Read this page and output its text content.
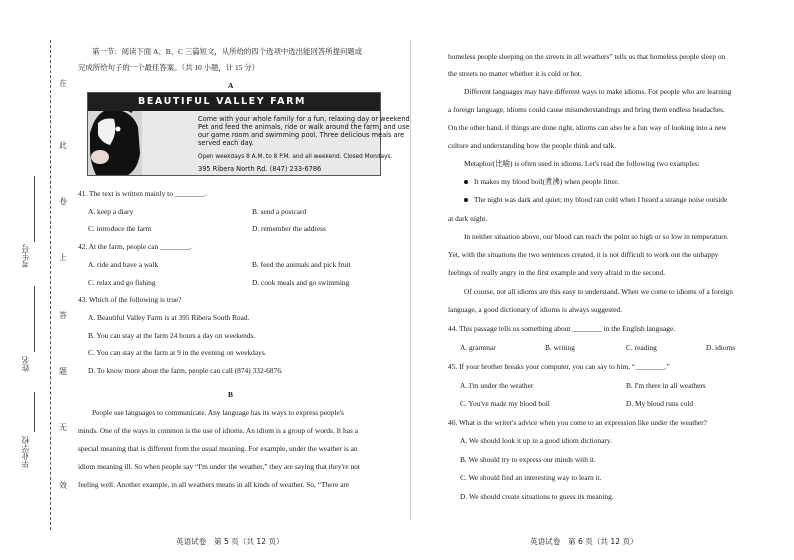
在
此
卷
上
答
题
无
效
考生号
姓名
毕业学校
第一节：阅读下面 A、B、C 三篇短文，从所给的四个选项中选出能回答所提问题或
完成所给句子的一个最佳答案。（共 10 小题，计 15 分）
A
BEAUTIFUL VALLEY FARM
Come with your whole family for a fun, relaxing day or weekend.
Pet and feed the animals, ride or walk around the farm, and use
our game room and swimming pool. Three delicious meals are
served each day.
Open weekdays 8 A.M. to 8 P.M. and all weekend. Closed Mondays.
395 Ribera North Rd. (847) 233-6786
41. The text is written mainly to ________.
A. keep a diary	B. send a postcard
C. introduce the farm	D. remember the address
42. At the farm, people can ________.
A. ride and have a walk	B. feed the animals and pick fruit
C. relax and go fishing	D. cook meals and go swimming
43. Which of the following is true?
A. Beautiful Valley Farm is at 395 Ribera South Road.
B. You can stay at the farm 24 hours a day on weekends.
C. You can stay at the farm at 9 in the evening on weekdays.
D. To know more about the farm, people can call (874) 332-6876.
B
People use languages to communicate. Any language has its ways to express people's
minds. One of the ways in common is the use of idioms. An idiom is a group of words. It has a
special meaning that is different from the usual meaning. For example, under the weather is an
idiom meaning ill. So when people say “I'm under the weather,” they are saying that they're not
feeling well. Another example, in all weathers means in all kinds of weather. So, “There are
英语试卷　第 5 页（共 12 页）
homeless people sleeping on the streets in all weathers” tells us that homeless people sleep on
the streets no matter whether it is cold or hot.
Different languages may have different ways to make idioms. For people who are learning
a foreign language, idioms could cause misunderstandings and bring them endless headaches.
On the other hand, if things are done right, idioms can also be a fun way of looking into a new
culture and understanding how the people think and talk.
Metaphor(比喻) is often used in idioms. Let's read the following two examples:
It makes my blood boil(煮沸) when people litter.
The night was dark and quiet; my blood ran cold when I heard a strange noise outside
at dark night.
In neither situation above, our blood can reach the point so high or so low in temperature.
Yet, with the situations the two sentences created, it is not difficult to work out the unhappy
feelings of really angry in the first example and very afraid in the second.
Of course, not all idioms are this easy to understand. When we come to idioms of a foreign
language, a good dictionary of idioms is always suggested.
44. This passage tells us something about ________ in the English language.
A. grammar	B. writing	C. reading	D. idioms
45. If your brother breaks your computer, you can say to him, “________.”
A. I'm under the weather	B. I'm there in all weathers
C. You've made my blood boil	D. My blood runs cold
46. What is the writer's advice when you come to an expression like under the weather?
A. We should look it up in a good idiom dictionary.
B. We should try to express our minds with it.
C. We should find an interesting way to learn it.
D. We should create situations to guess its meaning.
英语试卷　第 6 页（共 12 页）
